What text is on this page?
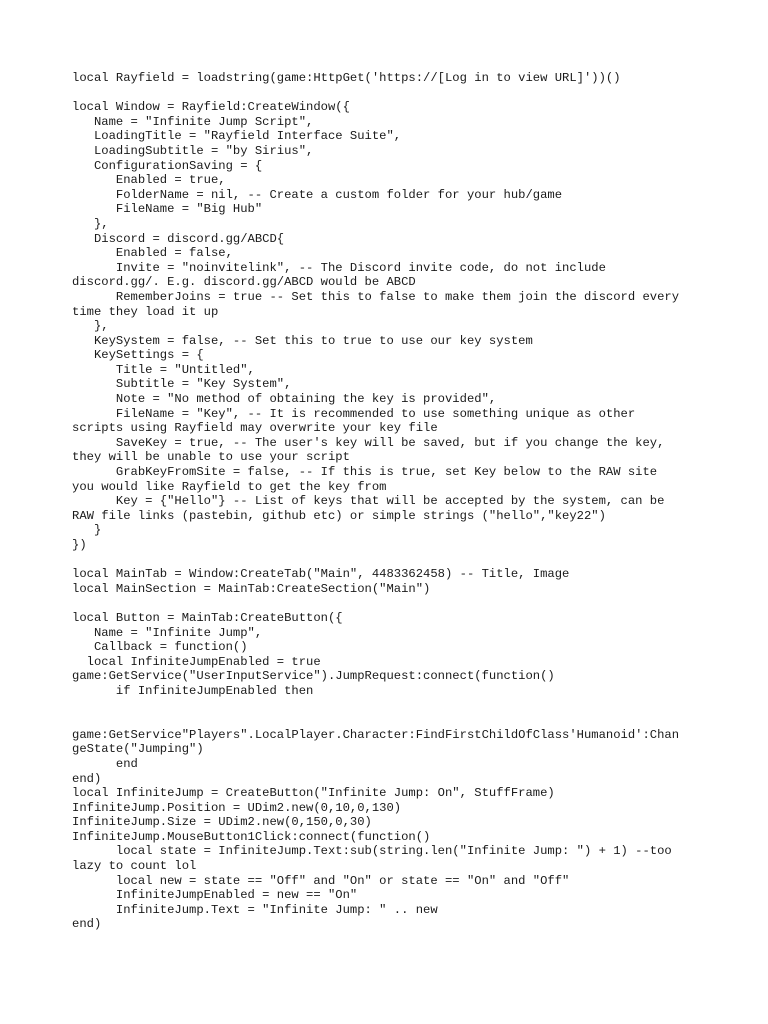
local Rayfield = loadstring(game:HttpGet('https://[Log in to view URL]'))()
local Window = Rayfield:CreateWindow({
Name = "Infinite Jump Script",
LoadingTitle = "Rayfield Interface Suite",
LoadingSubtitle = "by Sirius",
ConfigurationSaving = {
Enabled = true,
FolderName = nil, -- Create a custom folder for your hub/game
FileName = "Big Hub"
},
Discord = discord.gg/ABCD{
Enabled = false,
Invite = "noinvitelink", -- The Discord invite code, do not include
discord.gg/. E.g. discord.gg/ABCD would be ABCD
RememberJoins = true -- Set this to false to make them join the discord every
time they load it up
},
KeySystem = false, -- Set this to true to use our key system
KeySettings = {
Title = "Untitled",
Subtitle = "Key System",
Note = "No method of obtaining the key is provided",
FileName = "Key", -- It is recommended to use something unique as other
scripts using Rayfield may overwrite your key file
SaveKey = true, -- The user's key will be saved, but if you change the key,
they will be unable to use your script
GrabKeyFromSite = false, -- If this is true, set Key below to the RAW site
you would like Rayfield to get the key from
Key = {"Hello"} -- List of keys that will be accepted by the system, can be
RAW file links (pastebin, github etc) or simple strings ("hello","key22")
}
})
local MainTab = Window:CreateTab("Main", 4483362458) -- Title, Image
local MainSection = MainTab:CreateSection("Main")
local Button = MainTab:CreateButton({
Name = "Infinite Jump",
Callback = function()
local InfiniteJumpEnabled = true
game:GetService("UserInputService").JumpRequest:connect(function()
if InfiniteJumpEnabled then
game:GetService"Players".LocalPlayer.Character:FindFirstChildOfClass'Humanoid':Chan
geState("Jumping")
end
end)
local InfiniteJump = CreateButton("Infinite Jump: On", StuffFrame)
InfiniteJump.Position = UDim2.new(0,10,0,130)
InfiniteJump.Size = UDim2.new(0,150,0,30)
InfiniteJump.MouseButton1Click:connect(function()
local state = InfiniteJump.Text:sub(string.len("Infinite Jump: ") + 1) --too
lazy to count lol
local new = state == "Off" and "On" or state == "On" and "Off"
InfiniteJumpEnabled = new == "On"
InfiniteJump.Text = "Infinite Jump: " .. new
end)
